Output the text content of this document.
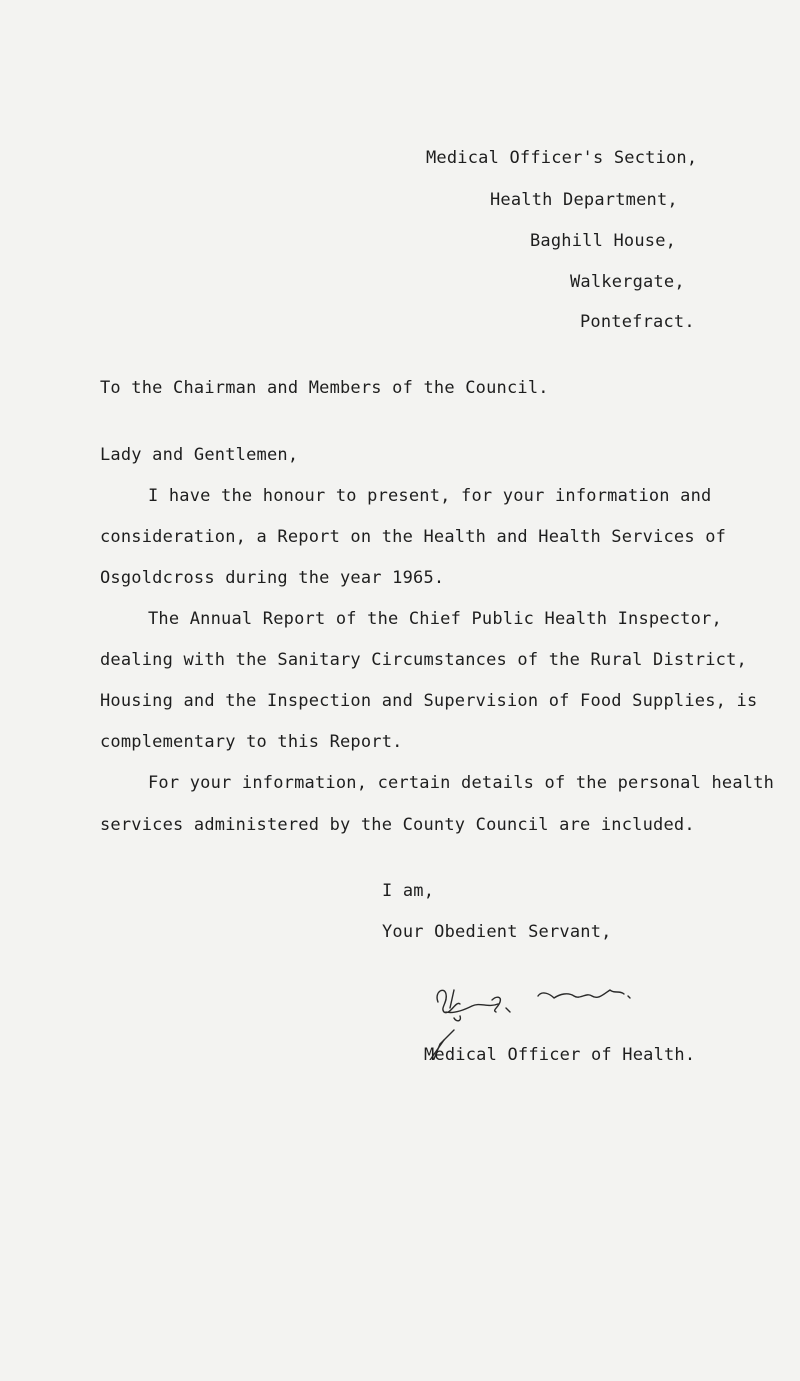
Medical Officer's Section,
Health Department,
Baghill House,
Walkergate,
Pontefract.
To the Chairman and Members of the Council.
Lady and Gentlemen,
I have the honour to present, for your information and
consideration, a Report on the Health and Health Services of
Osgoldcross during the year 1965.
The Annual Report of the Chief Public Health Inspector,
dealing with the Sanitary Circumstances of the Rural District,
Housing and the Inspection and Supervision of Food Supplies, is
complementary to this Report.
For your information, certain details of the personal health
services administered by the County Council are included.
I am,
Your Obedient Servant,
Medical Officer of Health.
